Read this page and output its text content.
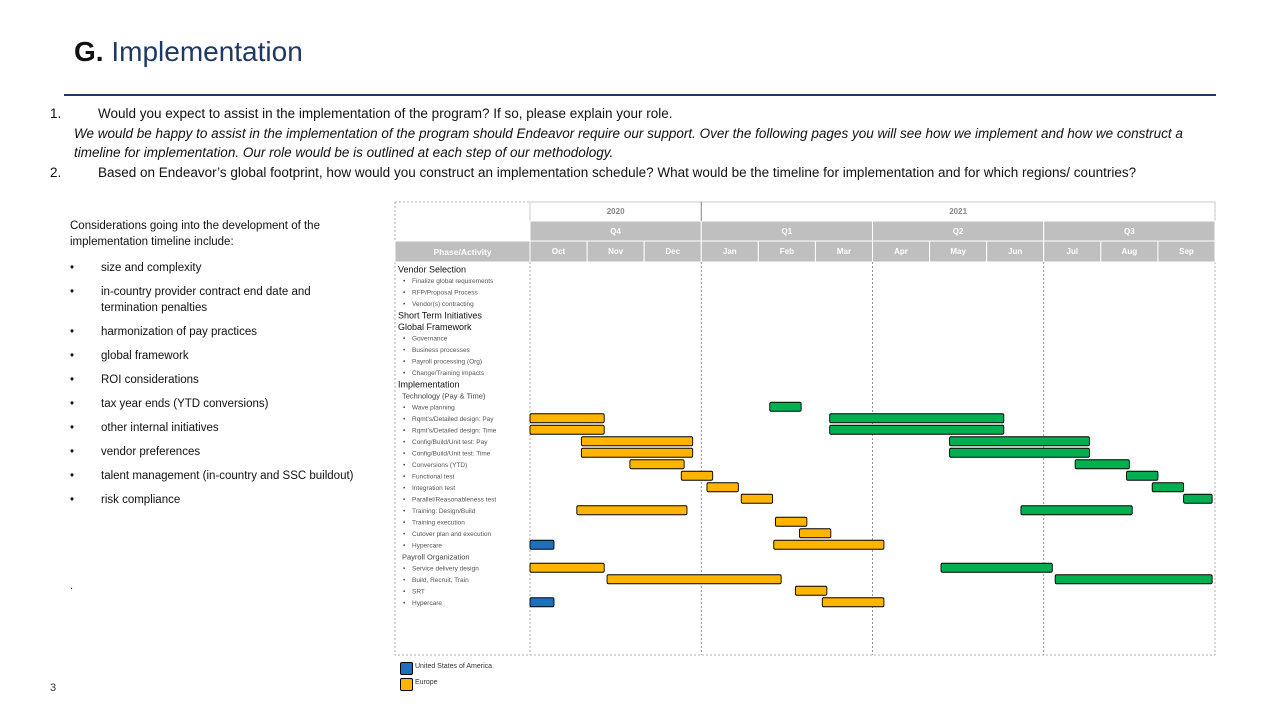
G. Implementation

1.	Would you expect to assist in the implementation of the program? If so, please explain your role.

We would be happy to assist in the implementation of the program should Endeavor require our support. Over the following pages you will see how we implement and how we construct a timeline for implementation. Our role would be is outlined at each step of our methodology.

2.	Based on Endeavor’s global footprint, how would you construct an implementation schedule? What would be the timeline for implementation and for which regions/ countries?

Considerations going into the development of the implementation timeline include:

• size and complexity
• in-country provider contract end date and termination penalties
• harmonization of pay practices
• global framework
• ROI considerations
• tax year ends (YTD conversions)
• other internal initiatives
• vendor preferences
• talent management (in-country and SSC buildout)
• risk compliance
.
2020	2021
Q4	Q1	Q2	Q3
Phase/Activity	Oct	Nov	Dec	Jan	Feb	Mar	Apr	May	Jun	Jul	Aug	Sep
Vendor Selection
• Finalize global requirements
• RFP/Proposal Process
• Vendor(s) contracting
Short Term Initiatives
Global Framework
• Governance
• Business processes
• Payroll processing (Org)
• Change/Training impacts
Implementation
Technology (Pay & Time)
• Wave planning
• Rqmt’s/Detailed design: Pay
• Rqmt’s/Detailed design: Time
• Config/Build/Unit test: Pay
• Config/Build/Unit test: Time
• Conversions (YTD)
• Functional test
• Integration test
• Parallel/Reasonableness test
• Training: Design/Build
• Training execution
• Cutover plan and execution
• Hypercare
Payroll Organization
• Service delivery design
• Build, Recruit, Train
• SRT
• Hypercare
United States of America
Europe
3
